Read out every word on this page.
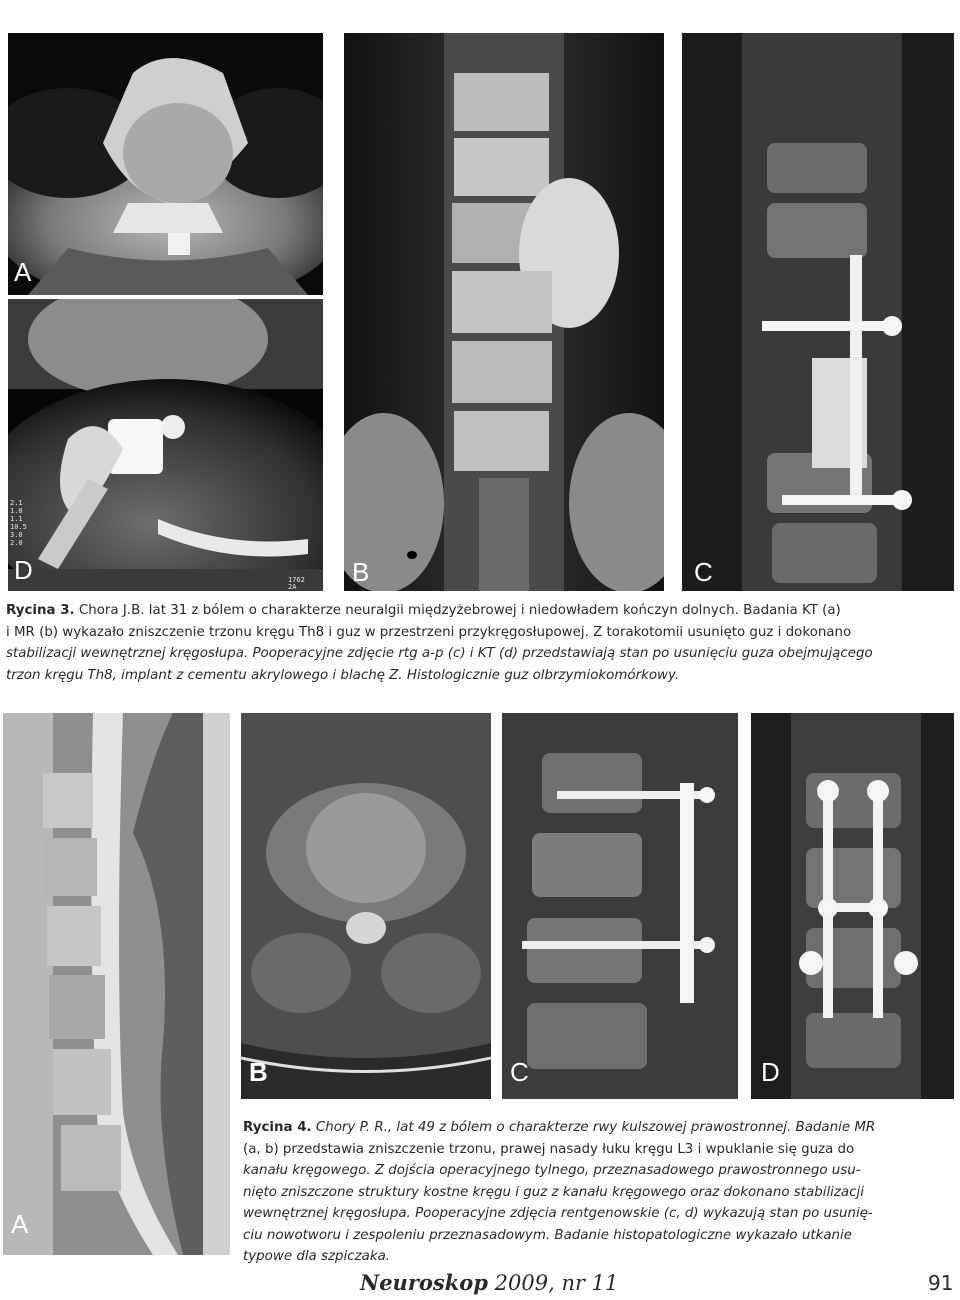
A
2.1
1.0
1.1
10.5
3.0
2.0
1762
2A
D	B	C
Rycina 3. Chora J.B. lat 31 z bólem o charakterze neuralgii międzyżebrowej i niedowładem kończyn dolnych. Badania KT (a)
i MR (b) wykazało zniszczenie trzonu kręgu Th8 i guz w przestrzeni przykręgosłupowej. Z torakotomii usunięto guz i dokonano
stabilizacji wewnętrznej kręgosłupa. Pooperacyjne zdjęcie rtg a-p (c) i KT (d) przedstawiają stan po usunięciu guza obejmującego
trzon kręgu Th8, implant z cementu akrylowego i blachę Z. Histologicznie guz olbrzymiokomórkowy.
A
B	C	D
Rycina 4. Chory P. R., lat 49 z bólem o charakterze rwy kulszowej prawostronnej. Badanie MR
(a, b) przedstawia zniszczenie trzonu, prawej nasady łuku kręgu L3 i wpuklanie się guza do
kanału kręgowego. Z dojścia operacyjnego tylnego, przeznasadowego prawostronnego usu-
nięto zniszczone struktury kostne kręgu i guz z kanału kręgowego oraz dokonano stabilizacji
wewnętrznej kręgosłupa. Pooperacyjne zdjęcia rentgenowskie (c, d) wykazują stan po usunię-
ciu nowotworu i zespoleniu przeznasadowym. Badanie histopatologiczne wykazało utkanie
typowe dla szpiczaka.
Neuroskop 2009, nr 11	91
